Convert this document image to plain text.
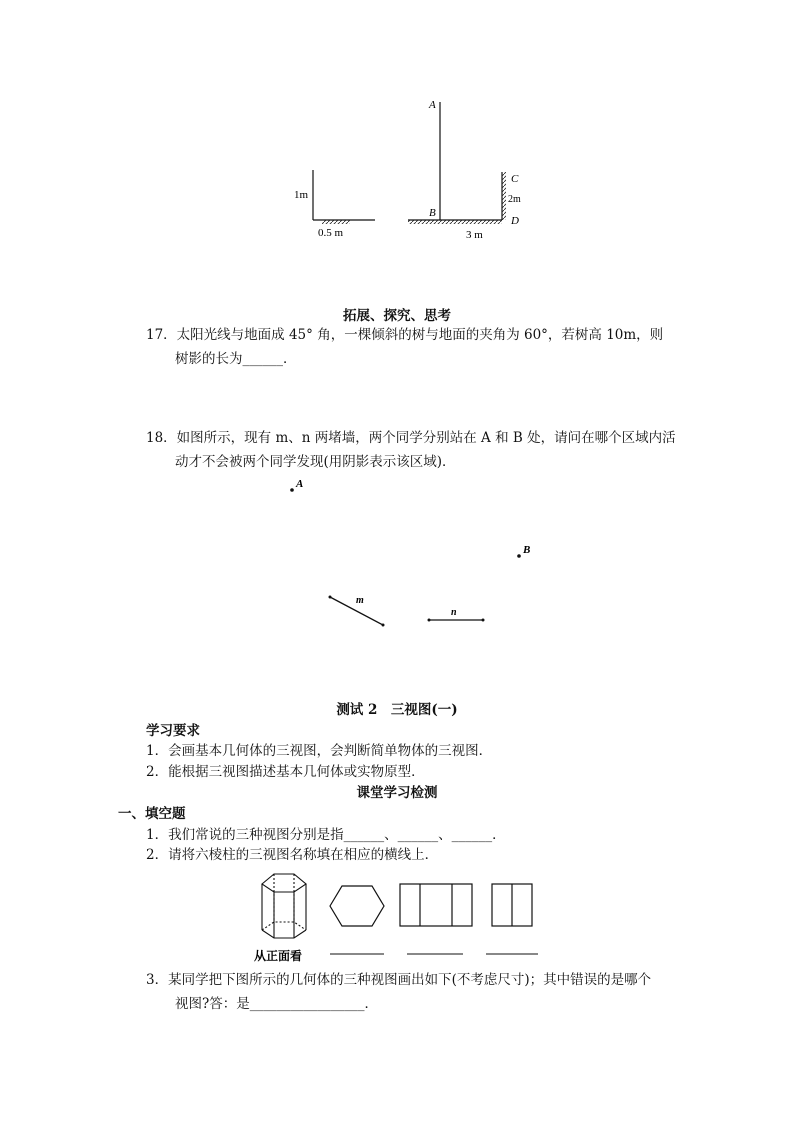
1m
0.5 m
A
B
C
2m
D
3 m
拓展、探究、思考
17．太阳光线与地面成 45° 角，一棵倾斜的树与地面的夹角为 60°，若树高 10m，则
树影的长为______．
18．如图所示，现有 m、n 两堵墙，两个同学分别站在 A 和 B 处，请问在哪个区域内活
动才不会被两个同学发现(用阴影表示该区域)．
A
B
m
n
测试 2　三视图(一)
学习要求
1．会画基本几何体的三视图，会判断简单物体的三视图．
2．能根据三视图描述基本几何体或实物原型．
课堂学习检测
一、填空题
1．我们常说的三种视图分别是指______、______、______．
2．请将六棱柱的三视图名称填在相应的横线上．
从正面看
3．某同学把下图所示的几何体的三种视图画出如下(不考虑尺寸)；其中错误的是哪个
视图?答：是_________________．
